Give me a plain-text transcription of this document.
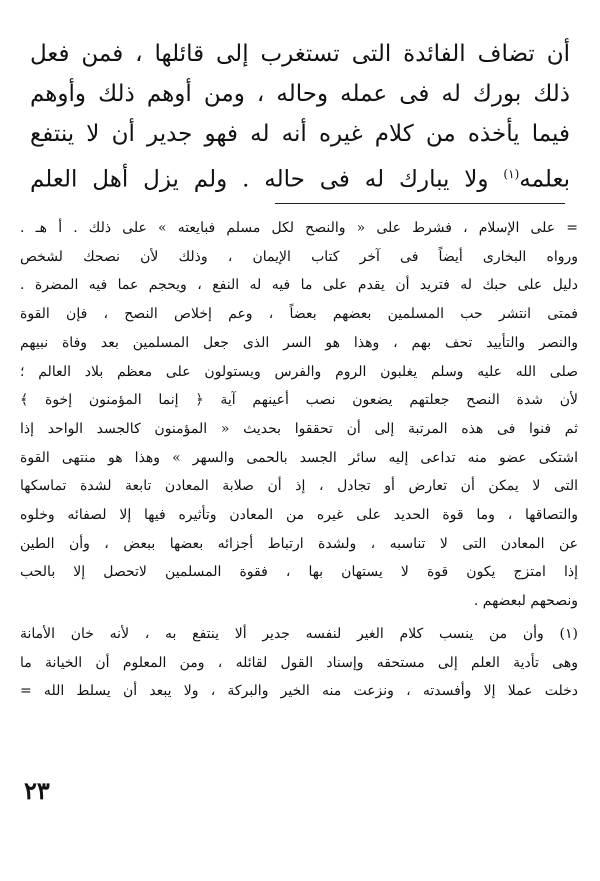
أن تضاف الفائدة التى تستغرب إلى قائلها ، فمن فعل
ذلك بورك له فى عمله وحاله ، ومن أوهم ذلك وأوهم
فيما يأخذه من كلام غيره أنه له فهو جدير أن لا ينتفع
بعلمه$^{(١)}$ ولا يبارك له فى حاله . ولم يزل أهل العلم
= على الإسلام ، فشرط على « والنصح لكل مسلم فبايعته » على ذلك . أ هـ .
ورواه البخارى أيضاً فى آخر كتاب الإيمان ، وذلك لأن نصحك لشخص
دليل على حبك له فتريد أن يقدم على ما فيه له النفع ، ويحجم عما فيه المضرة .
فمتى انتشر حب المسلمين بعضهم بعضاً ، وعم إخلاص النصح ، فإن القوة
والنصر والتأييد تحف بهم ، وهذا هو السر الذى جعل المسلمين بعد وفاة نبيهم
صلى الله عليه وسلم يغلبون الروم والفرس ويستولون على معظم بلاد العالم ؛
لأن شدة النصح جعلتهم يضعون نصب أعينهم آية ﴿ إنما المؤمنون إخوة ﴾
ثم فنوا فى هذه المرتبة إلى أن تحققوا بحديث « المؤمنون كالجسد الواحد إذا
اشتكى عضو منه تداعى إليه سائر الجسد بالحمى والسهر » وهذا هو منتهى القوة
التى لا يمكن أن تعارض أو تجادل ، إذ أن صلابة المعادن تابعة لشدة تماسكها
والتصاقها ، وما قوة الحديد على غيره من المعادن وتأثيره فيها إلا لصفائه وخلوه
عن المعادن التى لا تناسبه ، ولشدة ارتباط أجزائه بعضها ببعض ، وأن الطين
إذا امتزج يكون قوة لا يستهان بها ، فقوة المسلمين لاتحصل إلا بالحب
ونصحهم لبعضهم .
(١) وأن من ينسب كلام الغير لنفسه جدير ألا ينتفع به ، لأنه خان الأمانة
وهى تأدية العلم إلى مستحقه وإسناد القول لقائله ، ومن المعلوم أن الخيانة ما
دخلت عملا إلا وأفسدته ، ونزعت منه الخير والبركة ، ولا يبعد أن يسلط الله =
٢٣
